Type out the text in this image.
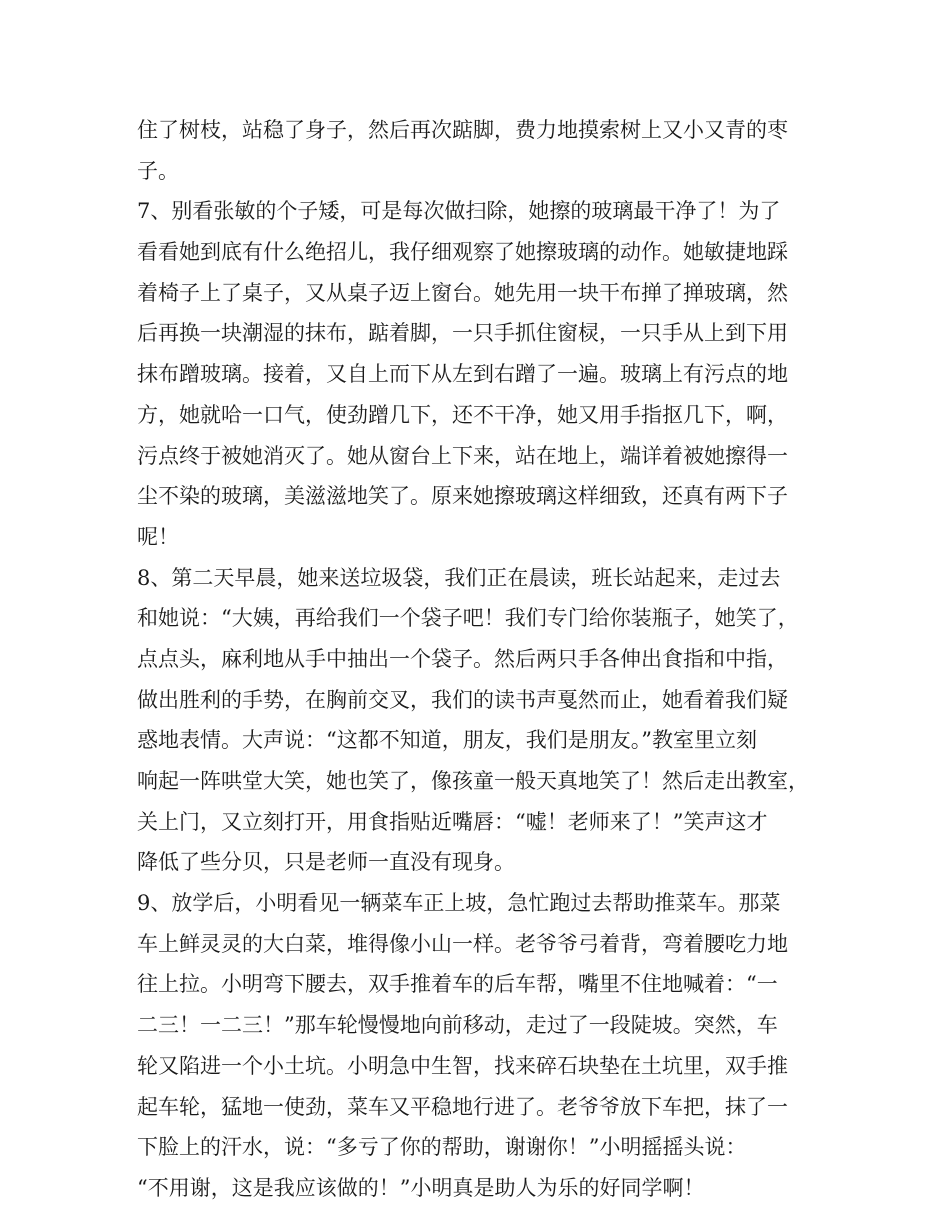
住了树枝，站稳了身子，然后再次踮脚，费力地摸索树上又小又青的枣
子。
7、别看张敏的个子矮，可是每次做扫除，她擦的玻璃最干净了！为了
看看她到底有什么绝招儿，我仔细观察了她擦玻璃的动作。她敏捷地踩
着椅子上了桌子，又从桌子迈上窗台。她先用一块干布掸了掸玻璃，然
后再换一块潮湿的抹布，踮着脚，一只手抓住窗棂，一只手从上到下用
抹布蹭玻璃。接着，又自上而下从左到右蹭了一遍。玻璃上有污点的地
方，她就哈一口气，使劲蹭几下，还不干净，她又用手指抠几下，啊，
污点终于被她消灭了。她从窗台上下来，站在地上，端详着被她擦得一
尘不染的玻璃，美滋滋地笑了。原来她擦玻璃这样细致，还真有两下子
呢！
8、第二天早晨，她来送垃圾袋，我们正在晨读，班长站起来，走过去
和她说：“大姨，再给我们一个袋子吧！我们专门给你装瓶子，她笑了，
点点头，麻利地从手中抽出一个袋子。然后两只手各伸出食指和中指，
做出胜利的手势，在胸前交叉，我们的读书声戛然而止，她看着我们疑
惑地表情。大声说：“这都不知道，朋友，我们是朋友。”教室里立刻
响起一阵哄堂大笑，她也笑了，像孩童一般天真地笑了！然后走出教室，
关上门，又立刻打开，用食指贴近嘴唇：“嘘！老师来了！”笑声这才
降低了些分贝，只是老师一直没有现身。
9、放学后，小明看见一辆菜车正上坡，急忙跑过去帮助推菜车。那菜
车上鲜灵灵的大白菜，堆得像小山一样。老爷爷弓着背，弯着腰吃力地
往上拉。小明弯下腰去，双手推着车的后车帮，嘴里不住地喊着：“一
二三！一二三！”那车轮慢慢地向前移动，走过了一段陡坡。突然，车
轮又陷进一个小土坑。小明急中生智，找来碎石块垫在土坑里，双手推
起车轮，猛地一使劲，菜车又平稳地行进了。老爷爷放下车把，抹了一
下脸上的汗水，说：“多亏了你的帮助，谢谢你！”小明摇摇头说：
“不用谢，这是我应该做的！”小明真是助人为乐的好同学啊！
